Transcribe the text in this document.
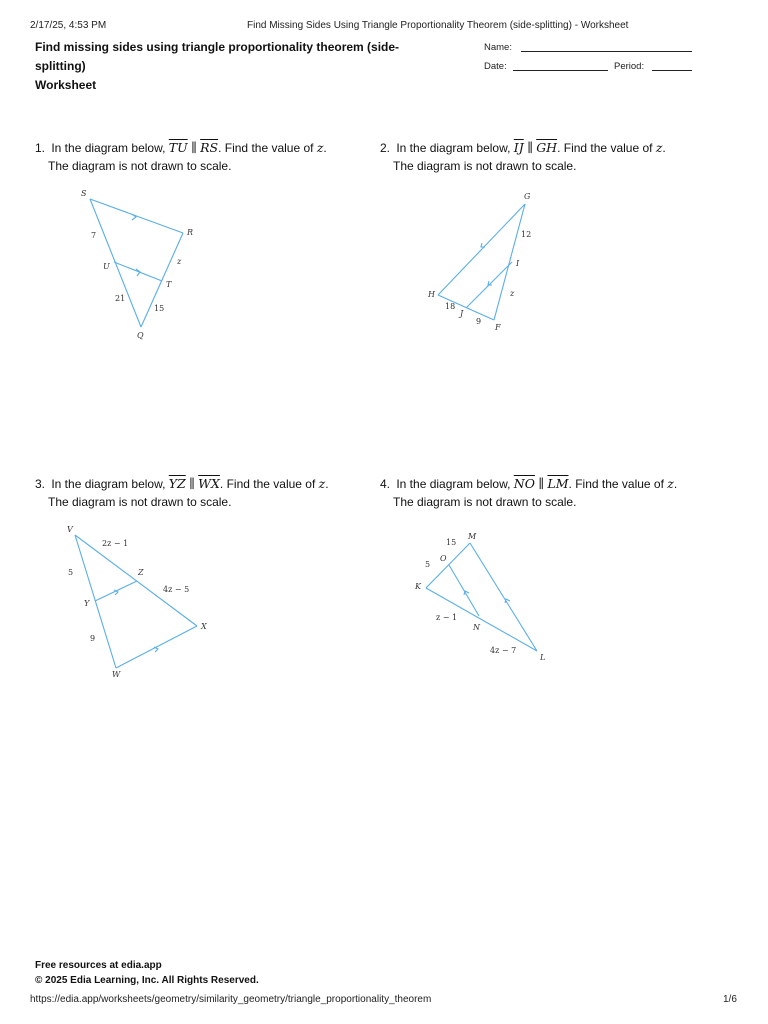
2/17/25, 4:53 PM	Find Missing Sides Using Triangle Proportionality Theorem (side-splitting) - Worksheet
Find missing sides using triangle proportionality theorem (side-
splitting)
Worksheet
Name:
Date:	Period:
1. In the diagram below, $\overline{TU}$ ∥ $\overline{RS}$. Find the value of z.
The diagram is not drawn to scale.
2. In the diagram below, $\overline{IJ}$ ∥ $\overline{GH}$. Find the value of z.
The diagram is not drawn to scale.
3. In the diagram below, $\overline{YZ}$ ∥ $\overline{WX}$. Find the value of z.
The diagram is not drawn to scale.
4. In the diagram below, $\overline{NO}$ ∥ $\overline{LM}$. Find the value of z.
The diagram is not drawn to scale.
S
R
U
T
Q
7
z
21
15
G
I
H
J
F
12
z
18
9
V
Z
Y
X
W
2z − 1
5
4z − 5
9
M
O
K
N
L
15
5
z − 1
4z − 7
Free resources at edia.app
© 2025 Edia Learning, Inc. All Rights Reserved.
https://edia.app/worksheets/geometry/similarity_geometry/triangle_proportionality_theorem	1/6
